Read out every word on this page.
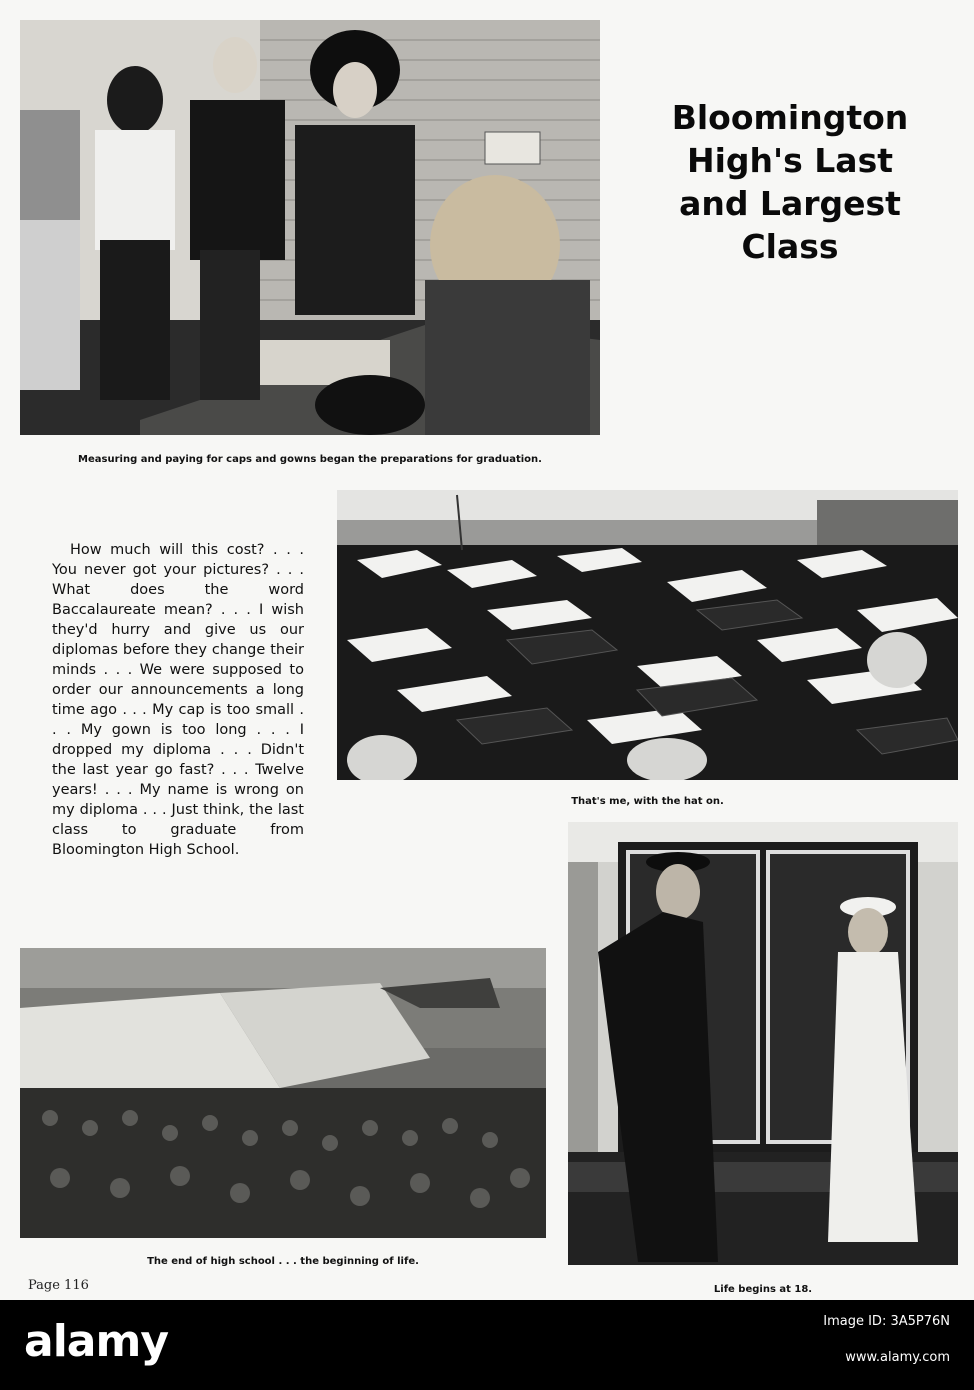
Measuring and paying for caps and gowns began the preparations for graduation.
Bloomington
High's Last
and Largest
Class
That's me, with the hat on.
How much will this cost? . . . You never got your pictures? . . . What does the word Baccalaureate mean? . . . I wish they'd hurry and give us our diplomas before they change their minds . . . We were supposed to order our announcements a long time ago . . . My cap is too small . . . My gown is too long . . . I dropped my diploma . . . Didn't the last year go fast? . . . Twelve years! . . . My name is wrong on my diploma . . . Just think, the last class to graduate from Bloomington High School.
The end of high school . . . the beginning of life.
Life begins at 18.
Page 116
alamy	Image ID: 3A5P76N
www.alamy.com
